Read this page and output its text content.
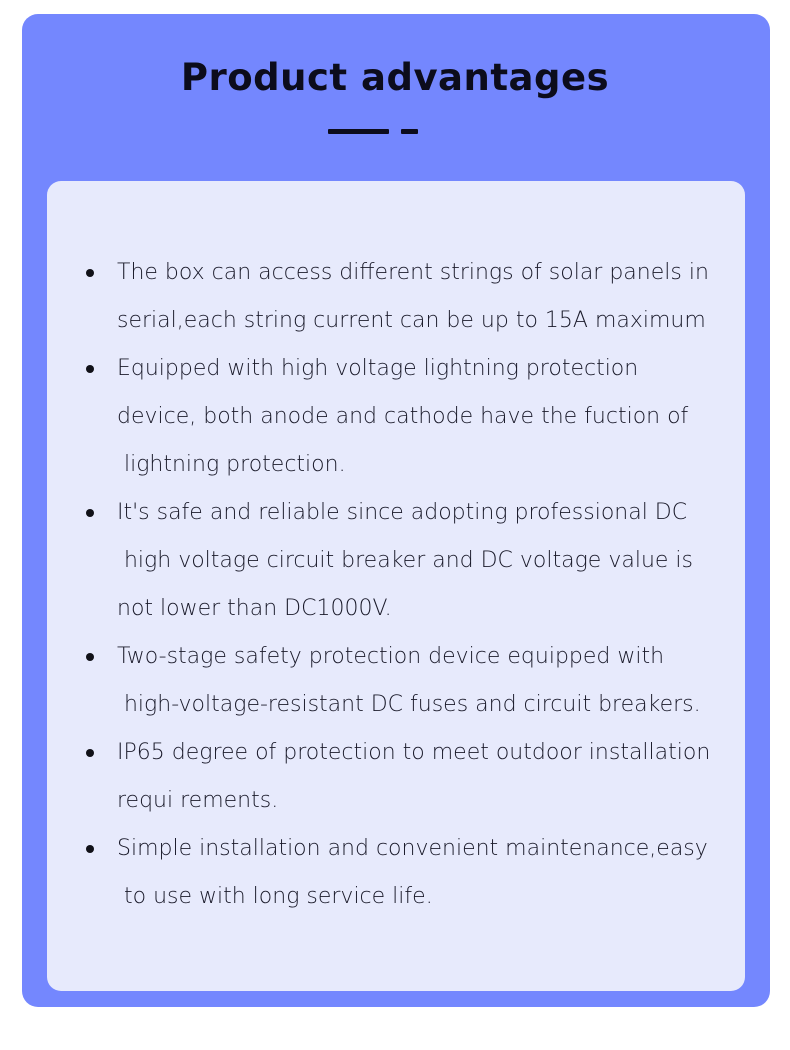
Product advantages
The box can access different strings of solar panels in
serial,each string current can be up to 15A maximum
Equipped with high voltage lightning protection
device, both anode and cathode have the fuction of
lightning protection.
It's safe and reliable since adopting professional DC
high voltage circuit breaker and DC voltage value is
not lower than DC1000V.
Two-stage safety protection device equipped with
high-voltage-resistant DC fuses and circuit breakers.
IP65 degree of protection to meet outdoor installation
requi rements.
Simple installation and convenient maintenance,easy
to use with long service life.
